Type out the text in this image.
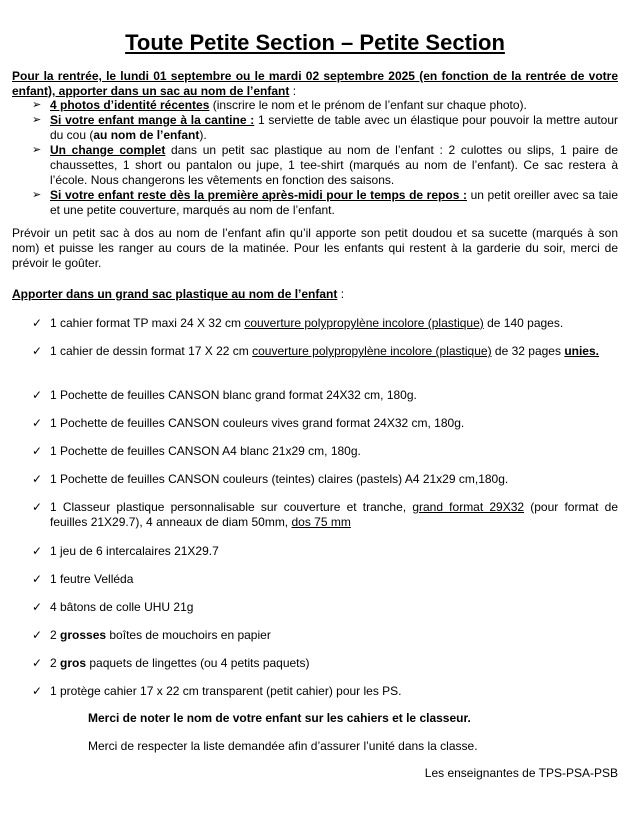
Toute Petite Section – Petite Section
Pour la rentrée, le lundi 01 septembre ou le mardi 02 septembre 2025 (en fonction de la rentrée de votre enfant), apporter dans un sac au nom de l’enfant :
➢ 4 photos d’identité récentes (inscrire le nom et le prénom de l’enfant sur chaque photo).
➢ Si votre enfant mange à la cantine : 1 serviette de table avec un élastique pour pouvoir la mettre autour du cou (au nom de l’enfant).
➢ Un change complet dans un petit sac plastique au nom de l’enfant : 2 culottes ou slips, 1 paire de chaussettes, 1 short ou pantalon ou jupe, 1 tee-shirt (marqués au nom de l’enfant). Ce sac restera à l’école. Nous changerons les vêtements en fonction des saisons.
➢ Si votre enfant reste dès la première après-midi pour le temps de repos : un petit oreiller avec sa taie et une petite couverture, marqués au nom de l’enfant.
Prévoir un petit sac à dos au nom de l’enfant afin qu’il apporte son petit doudou et sa sucette (marqués à son nom) et puisse les ranger au cours de la matinée. Pour les enfants qui restent à la garderie du soir, merci de prévoir le goûter.
Apporter dans un grand sac plastique au nom de l’enfant :
✓ 1 cahier format TP maxi 24 X 32 cm couverture polypropylène incolore (plastique) de 140 pages.
✓ 1 cahier de dessin format 17 X 22 cm couverture polypropylène incolore (plastique) de 32 pages unies.
✓ 1 Pochette de feuilles CANSON blanc grand format 24X32 cm, 180g.
✓ 1 Pochette de feuilles CANSON couleurs vives grand format 24X32 cm, 180g.
✓ 1 Pochette de feuilles CANSON A4 blanc 21x29 cm, 180g.
✓ 1 Pochette de feuilles CANSON couleurs (teintes) claires (pastels) A4 21x29 cm,180g.
✓ 1 Classeur plastique personnalisable sur couverture et tranche, grand format 29X32 (pour format de feuilles 21X29.7), 4 anneaux de diam 50mm, dos 75 mm
✓ 1 jeu de 6 intercalaires 21X29.7
✓ 1 feutre Velléda
✓ 4 bâtons de colle UHU 21g
✓ 2 grosses boîtes de mouchoirs en papier
✓ 2 gros paquets de lingettes (ou 4 petits paquets)
✓ 1 protège cahier 17 x 22 cm transparent (petit cahier) pour les PS.
Merci de noter le nom de votre enfant sur les cahiers et le classeur.
Merci de respecter la liste demandée afin d’assurer l’unité dans la classe.
Les enseignantes de TPS-PSA-PSB
